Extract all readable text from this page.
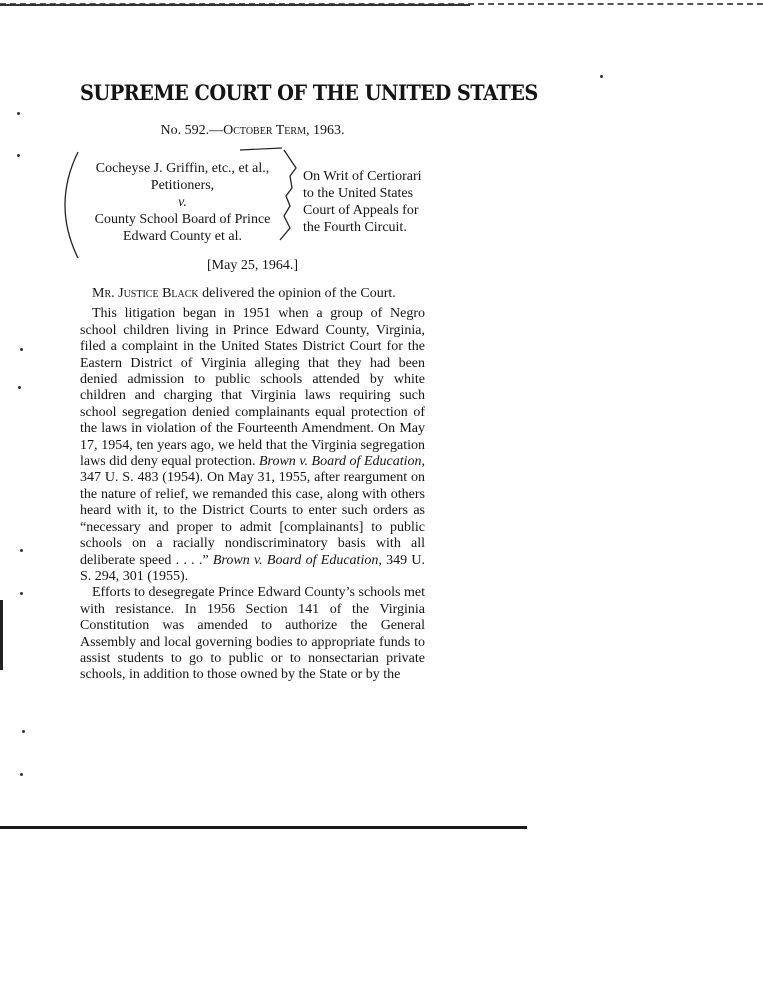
SUPREME COURT OF THE UNITED STATES
No. 592.—October Term, 1963.
Cocheyse J. Griffin, etc., et al.,
Petitioners,
v.
County School Board of Prince
Edward County et al.
On Writ of Certiorari
to the United States
Court of Appeals for
the Fourth Circuit.
[May 25, 1964.]

Mr. Justice Black delivered the opinion of the Court.

This litigation began in 1951 when a group of Negro school children living in Prince Edward County, Virginia, filed a complaint in the United States District Court for the Eastern District of Virginia alleging that they had been denied admission to public schools attended by white children and charging that Virginia laws requiring such school segregation denied complainants equal protection of the laws in violation of the Fourteenth Amendment. On May 17, 1954, ten years ago, we held that the Virginia segregation laws did deny equal protection. Brown v. Board of Education, 347 U. S. 483 (1954). On May 31, 1955, after reargument on the nature of relief, we remanded this case, along with others heard with it, to the District Courts to enter such orders as “necessary and proper to admit [complainants] to public schools on a racially nondiscriminatory basis with all deliberate speed . . . .” Brown v. Board of Education, 349 U. S. 294, 301 (1955).

Efforts to desegregate Prince Edward County’s schools met with resistance. In 1956 Section 141 of the Virginia Constitution was amended to authorize the General Assembly and local governing bodies to appropriate funds to assist students to go to public or to nonsectarian private schools, in addition to those owned by the State or by the
